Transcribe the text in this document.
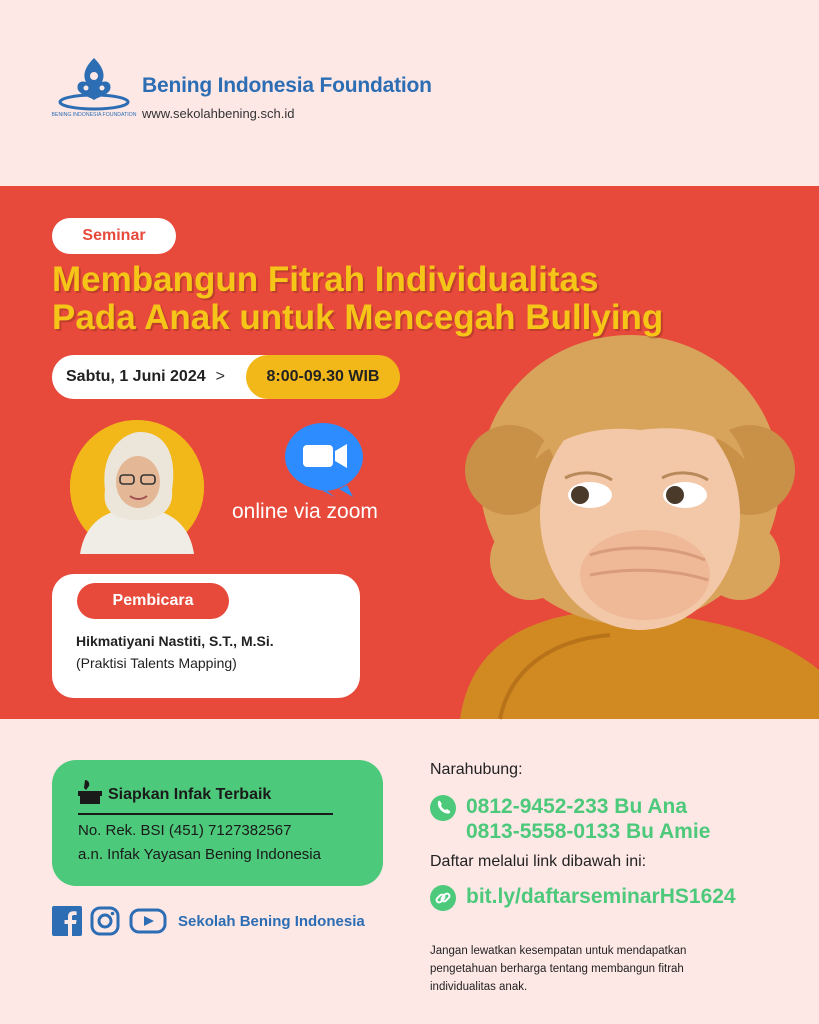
BENING INDONESIA FOUNDATION
Bening Indonesia Foundation
www.sekolahbening.sch.id
Seminar
Membangun Fitrah Individualitas
Pada Anak untuk Mencegah Bullying
Sabtu, 1 Juni 2024 >	8:00-09.30 WIB
online via zoom
Pembicara
Hikmatiyani Nastiti, S.T., M.Si.
(Praktisi Talents Mapping)
Siapkan Infak Terbaik
No. Rek. BSI (451) 7127382567
a.n. Infak Yayasan Bening Indonesia
Sekolah Bening Indonesia
Narahubung:
0812-9452-233 Bu Ana
0813-5558-0133 Bu Amie
Daftar melalui link dibawah ini:
bit.ly/daftarseminarHS1624
Jangan lewatkan kesempatan untuk mendapatkan pengetahuan berharga tentang membangun fitrah individualitas anak.
